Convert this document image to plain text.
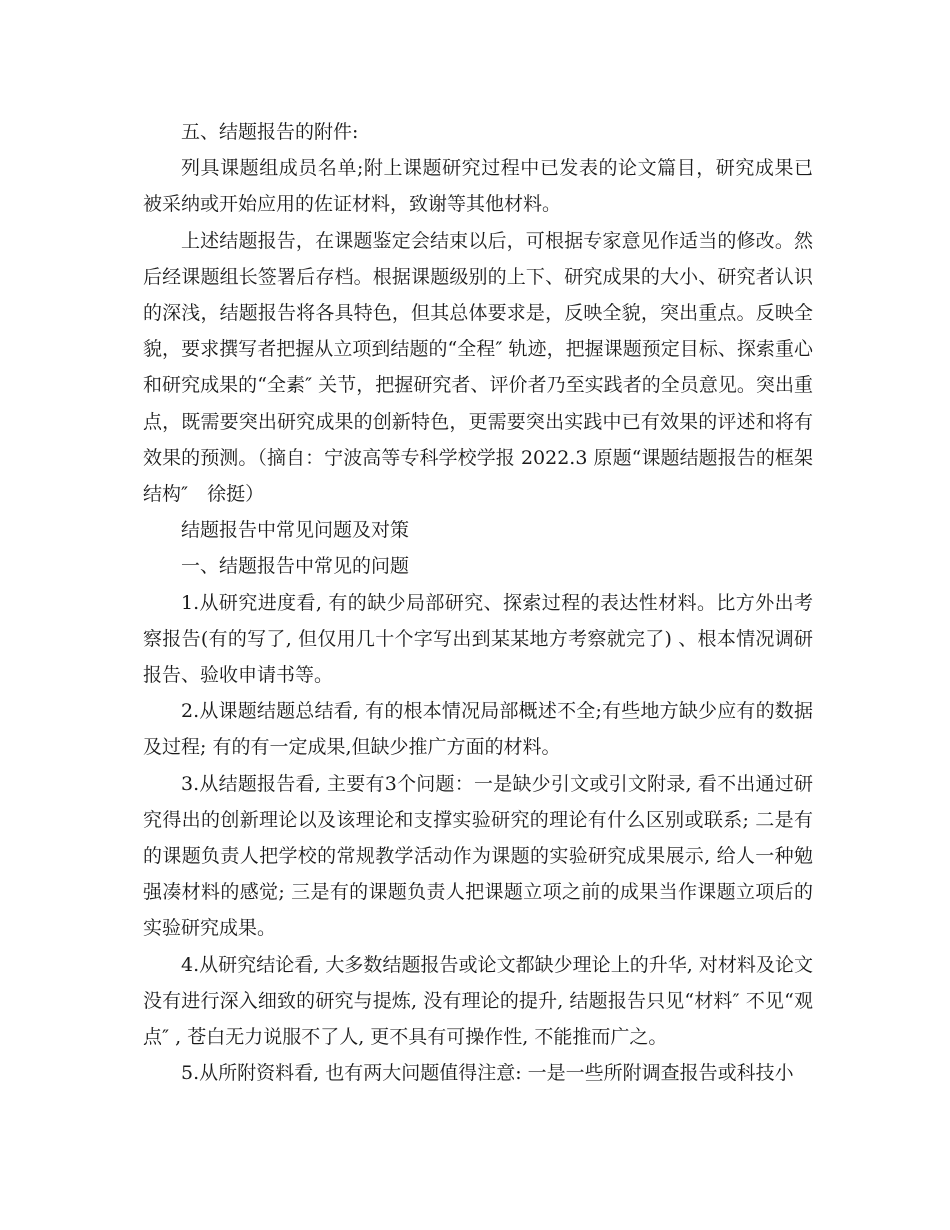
五、结题报告的附件:

列具课题组成员名单;附上课题研究过程中已发表的论文篇目，研究成果已被采纳或开始应用的佐证材料，致谢等其他材料。

上述结题报告，在课题鉴定会结束以后，可根据专家意见作适当的修改。然后经课题组长签署后存档。根据课题级别的上下、研究成果的大小、研究者认识的深浅，结题报告将各具特色，但其总体要求是，反映全貌，突出重点。反映全貌，要求撰写者把握从立项到结题的“全程″ 轨迹，把握课题预定目标、探索重心和研究成果的“全素″ 关节，把握研究者、评价者乃至实践者的全员意见。突出重点，既需要突出研究成果的创新特色，更需要突出实践中已有效果的评述和将有效果的预测。（摘自：宁波高等专科学校学报 2022.3 原题“课题结题报告的框架结构″　徐挺）

结题报告中常见问题及对策

一、结题报告中常见的问题

1.从研究进度看, 有的缺少局部研究、探索过程的表达性材料。比方外出考察报告(有的写了, 但仅用几十个字写出到某某地方考察就完了) 、根本情况调研报告、验收申请书等。

2.从课题结题总结看, 有的根本情况局部概述不全;有些地方缺少应有的数据及过程; 有的有一定成果,但缺少推广方面的材料。

3.从结题报告看, 主要有3个问题：一是缺少引文或引文附录, 看不出通过研究得出的创新理论以及该理论和支撑实验研究的理论有什么区别或联系; 二是有的课题负责人把学校的常规教学活动作为课题的实验研究成果展示, 给人一种勉强凑材料的感觉; 三是有的课题负责人把课题立项之前的成果当作课题立项后的实验研究成果。

4.从研究结论看, 大多数结题报告或论文都缺少理论上的升华, 对材料及论文没有进行深入细致的研究与提炼, 没有理论的提升, 结题报告只见“材料″ 不见“观点″ , 苍白无力说服不了人, 更不具有可操作性, 不能推而广之。

5.从所附资料看, 也有两大问题值得注意: 一是一些所附调查报告或科技小
